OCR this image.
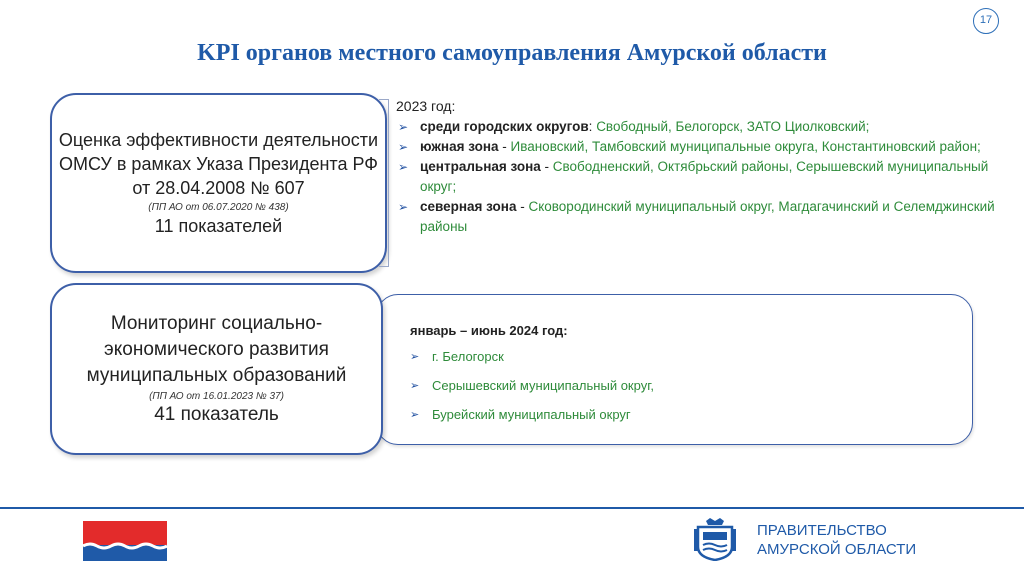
17
KPI органов местного самоуправления Амурской области
Оценка эффективности деятельности
ОМСУ в рамках Указа Президента РФ
от 28.04.2008 № 607
(ПП АО от 06.07.2020 № 438)
11 показателей
2023 год:
➢ среди городских округов: Свободный, Белогорск, ЗАТО Циолковский;
➢ южная зона - Ивановский, Тамбовский муниципальные округа, Константиновский район;
➢ центральная зона - Свободненский, Октябрьский районы, Серышевский муниципальный округ;
➢ северная зона - Сковородинский муниципальный округ, Магдагачинский и Селемджинский районы
январь – июнь 2024 год:
➢ г. Белогорск
➢ Серышевский муниципальный округ,
➢ Бурейский муниципальный округ
Мониторинг социально-
экономического развития
муниципальных образований
(ПП АО от 16.01.2023 № 37)
41 показатель
ПРАВИТЕЛЬСТВО
АМУРСКОЙ ОБЛАСТИ
